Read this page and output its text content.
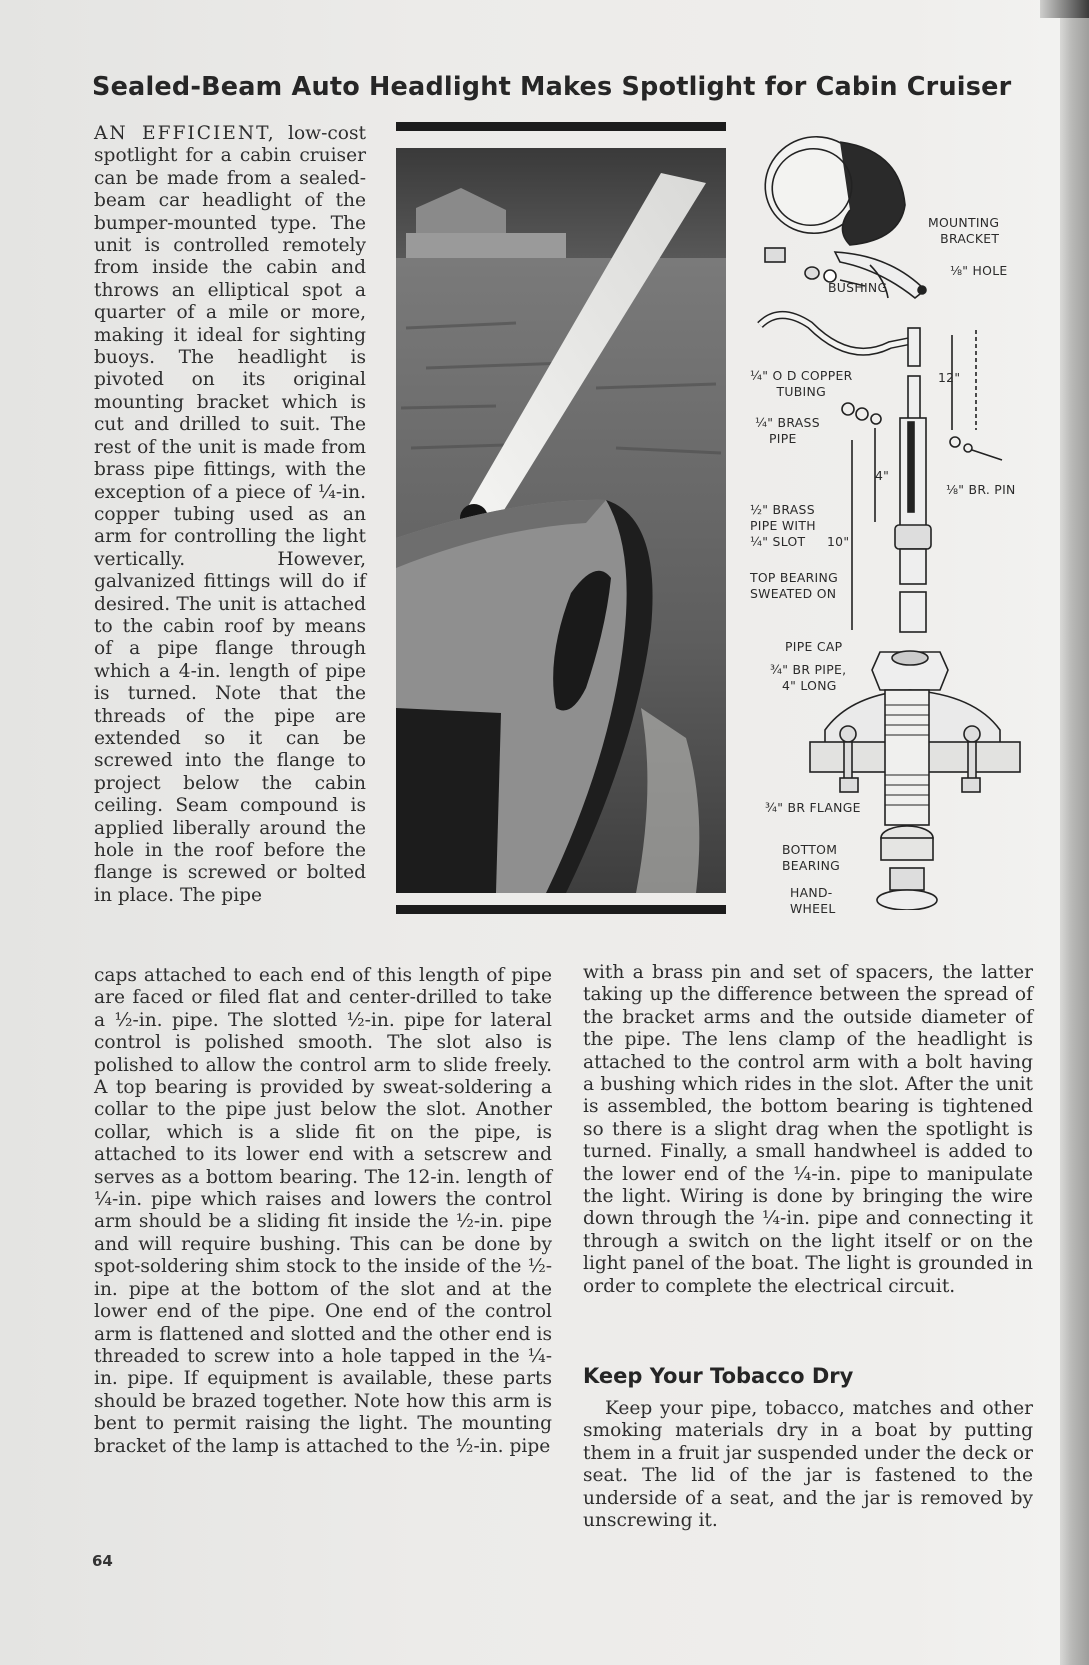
Sealed-Beam Auto Headlight Makes Spotlight for Cabin Cruiser

AN EFFICIENT, low-cost spotlight for a cabin cruiser can be made from a sealed-beam car headlight of the bumper-mounted type. The unit is controlled remotely from inside the cabin and throws an elliptical spot a quarter of a mile or more, making it ideal for sighting buoys. The headlight is pivoted on its original mounting bracket which is cut and drilled to suit. The rest of the unit is made from brass pipe fittings, with the exception of a piece of ¼-in. copper tubing used as an arm for controlling the light vertically. However, galvanized fittings will do if desired. The unit is attached to the cabin roof by means of a pipe flange through which a 4-in. length of pipe is turned. Note that the threads of the pipe are extended so it can be screwed into the flange to project below the cabin ceiling. Seam compound is applied liberally around the hole in the roof before the flange is screwed or bolted in place. The pipe

MOUNTING
BRACKET
⅛" HOLE
BUSHING
¼" O D COPPER
TUBING
12"
¼" BRASS
PIPE
4"
⅛" BR. PIN
½" BRASS
PIPE WITH
¼" SLOT	10"
TOP BEARING
SWEATED ON
PIPE CAP
¾" BR PIPE,
4" LONG
¾" BR FLANGE
BOTTOM
BEARING
HAND-
WHEEL

caps attached to each end of this length of pipe are faced or filed flat and center-drilled to take a ½-in. pipe. The slotted ½-in. pipe for lateral control is polished smooth. The slot also is polished to allow the control arm to slide freely. A top bearing is provided by sweat-soldering a collar to the pipe just below the slot. Another collar, which is a slide fit on the pipe, is attached to its lower end with a setscrew and serves as a bottom bearing. The 12-in. length of ¼-in. pipe which raises and lowers the control arm should be a sliding fit inside the ½-in. pipe and will require bushing. This can be done by spot-soldering shim stock to the inside of the ½-in. pipe at the bottom of the slot and at the lower end of the pipe. One end of the control arm is flattened and slotted and the other end is threaded to screw into a hole tapped in the ¼-in. pipe. If equipment is available, these parts should be brazed together. Note how this arm is bent to permit raising the light. The mounting bracket of the lamp is attached to the ½-in. pipe

with a brass pin and set of spacers, the latter taking up the difference between the spread of the bracket arms and the outside diameter of the pipe. The lens clamp of the headlight is attached to the control arm with a bolt having a bushing which rides in the slot. After the unit is assembled, the bottom bearing is tightened so there is a slight drag when the spotlight is turned. Finally, a small handwheel is added to the lower end of the ¼-in. pipe to manipulate the light. Wiring is done by bringing the wire down through the ¼-in. pipe and connecting it through a switch on the light itself or on the light panel of the boat. The light is grounded in order to complete the electrical circuit.

Keep Your Tobacco Dry

Keep your pipe, tobacco, matches and other smoking materials dry in a boat by putting them in a fruit jar suspended under the deck or seat. The lid of the jar is fastened to the underside of a seat, and the jar is removed by unscrewing it.

64
